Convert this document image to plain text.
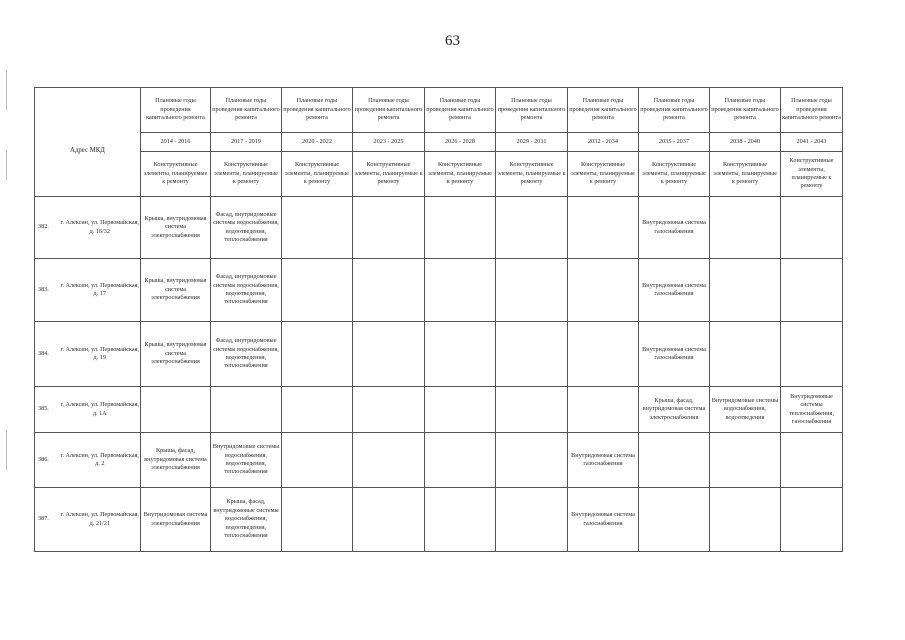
63
Адрес МКД		Плановые годы проведения капитального ремонта	Плановые годы проведения капитального ремонта	Плановые годы проведения капитального ремонта	Плановые годы проведения капитального ремонта	Плановые годы проведения капитального ремонта	Плановые годы проведения капитального ремонта	Плановые годы проведения капитального ремонта	Плановые годы проведения капитального ремонта	Плановые годы проведения капитального ремонта	Плановые годы проведения капитального ремонта
		2014 - 2016	2017 - 2019	2020 - 2022	2023 - 2025	2026 - 2028	2029 - 2031	2032 - 2034	2035 - 2037	2038 - 2040	2041 - 2043
		Конструктивные элементы, планируемые к ремонту	Конструктивные элементы, планируемые к ремонту	Конструктивные элементы, планируемые к ремонту	Конструктивные элементы, планируемые к ремонту	Конструктивные элементы, планируемые к ремонту	Конструктивные элементы, планируемые к ремонту	Конструктивные элементы, планируемые к ремонту	Конструктивные элементы, планируемые к ремонту	Конструктивные элементы, планируемые к ремонту	Конструктивные элементы, планируемые к ремонту
382.	г. Алексин, ул. Первомайская, д. 16/32	Крыша, внутридомовая система электроснабжения	Фасад, внутридомовые системы водоснабжения, водоотведения, теплоснабжения						Внутридомовая система газоснабжения		
383.	г. Алексин, ул. Первомайская, д. 17	Крыша, внутридомовая система электроснабжения	Фасад, внутридомовые системы водоснабжения, водоотведения, теплоснабжения						Внутридомовая система газоснабжения		
384.	г. Алексин, ул. Первомайская, д. 19	Крыша, внутридомовая система электроснабжения	Фасад, внутридомовые системы водоснабжения, водоотведения, теплоснабжения						Внутридомовая система газоснабжения		
385.	г. Алексин, ул. Первомайская, д. 1А								Крыша, фасад, внутридомовая система электроснабжения	Внутридомовые системы водоснабжения, водоотведения	Внутридомовые системы теплоснабжения, газоснабжения
386.	г. Алексин, ул. Первомайская, д. 2	Крыша, фасад, внутридомовая система электроснабжения	Внутридомовые системы водоснабжения, водоотведения, теплоснабжения					Внутридомовая система газоснабжения			
387.	г. Алексин, ул. Первомайская, д. 21/21	Внутридомовая система электроснабжения	Крыша, фасад, внутридомовые системы водоснабжения, водоотведения, теплоснабжения					Внутридомовая система газоснабжения			
